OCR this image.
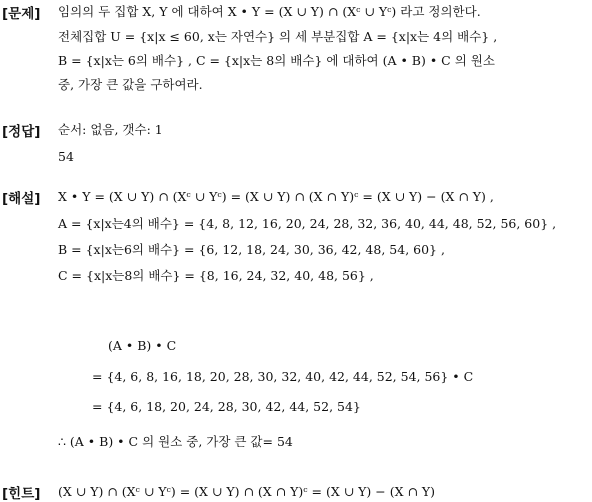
[문제] 임의의 두 집합 X, Y 에 대하여 X • Y = (X ∪ Y) ∩ (Xᶜ ∪ Yᶜ) 라고 정의한다.
전체집합 U = {x|x ≤ 60, x는 자연수} 의 세 부분집합 A = {x|x는 4의 배수} ,
B = {x|x는 6의 배수} , C = {x|x는 8의 배수} 에 대하여 (A • B) • C 의 원소
중, 가장 큰 값을 구하여라.
[정답] 순서: 없음, 갯수: 1
54
[해설] X • Y = (X ∪ Y) ∩ (Xᶜ ∪ Yᶜ) = (X ∪ Y) ∩ (X ∩ Y)ᶜ = (X ∪ Y) − (X ∩ Y) ,
A = {x|x는4의 배수} = {4, 8, 12, 16, 20, 24, 28, 32, 36, 40, 44, 48, 52, 56, 60} ,
B = {x|x는6의 배수} = {6, 12, 18, 24, 30, 36, 42, 48, 54, 60} ,
C = {x|x는8의 배수} = {8, 16, 24, 32, 40, 48, 56} ,
(A • B) • C
= {4, 6, 8, 16, 18, 20, 28, 30, 32, 40, 42, 44, 52, 54, 56} • C
= {4, 6, 18, 20, 24, 28, 30, 42, 44, 52, 54}
∴ (A • B) • C 의 원소 중, 가장 큰 값= 54
[힌트] (X ∪ Y) ∩ (Xᶜ ∪ Yᶜ) = (X ∪ Y) ∩ (X ∩ Y)ᶜ = (X ∪ Y) − (X ∩ Y)
